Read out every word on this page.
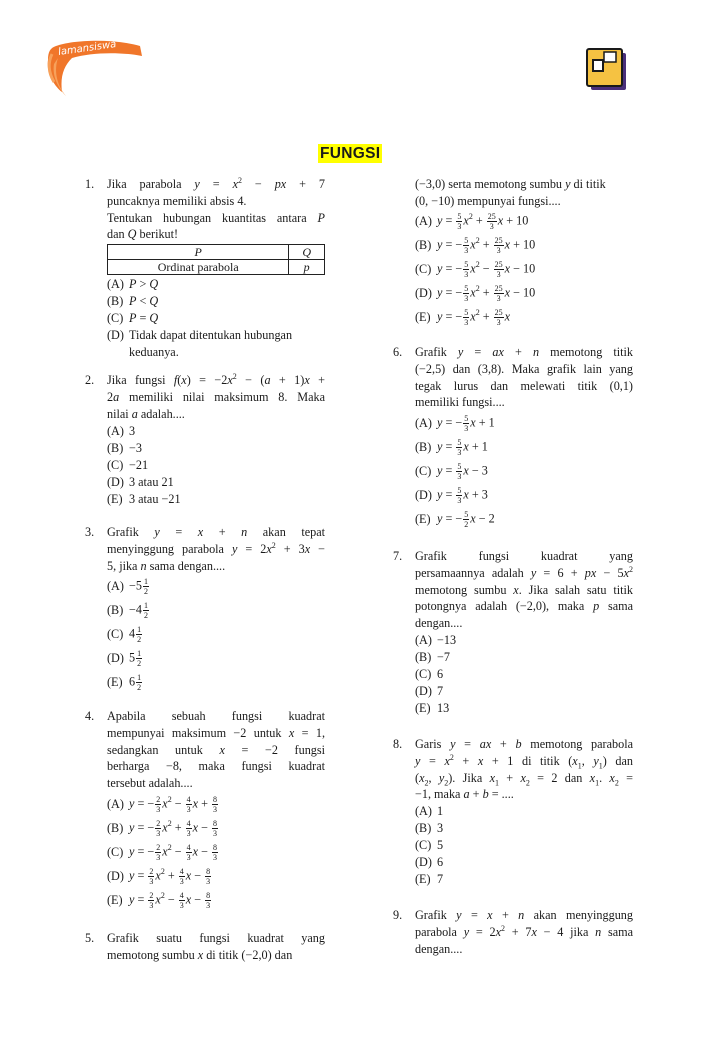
lamansiswa
FUNGSI
1.	Jika parabola $y = x^2$ − px + 7

puncaknya memiliki absis 4.

Tentukan hubungan kuantitas antara P

dan Q berikut!

P	Q
Ordinat parabola	p
(A) P > Q
(B) P < Q
(C) P = Q
(D) Tidak dapat ditentukan hubungan
keduanya.
2.	Jika fungsi $f(x) = -2x^2 - (a + 1)x$ +

2a memiliki nilai maksimum 8. Maka

nilai a adalah....

(A) 3
(B) −3
(C) −21
(D) 3 atau 21
(E) 3 atau −21
3.	Grafik y = x + n akan tepat

menyinggung parabola $y = 2x^2 + 3x$ −

5, jika n sama dengan....

$(A) -5 \frac{1}{2}$
$(B) -4 \frac{1}{2}$
(C) $4 \frac{1}{2}$
(D) $5 \frac{1}{2}$
(E) $6 \frac{1}{2}$
4.	Apabila sebuah fungsi kuadrat

mempunyai maksimum −2 untuk x = 1,

sedangkan untuk x = −2 fungsi

berharga −8, maka fungsi kuadrat

tersebut adalah....

(A) y = − $\frac{2}{3} x^2 - \frac{4}{3}$ $x + \frac{8}{3}$
(B) y = − $\frac{2}{3} x^2 + \frac{4}{3}$ $x - \frac{8}{3}$
(C) y = − $\frac{2}{3} x^2 - \frac{4}{3}$ $x - \frac{8}{3}$
(D) $y = \frac{2}{3} x^2 + \frac{4}{3}$ $x - \frac{8}{3}$
(E) $y = \frac{2}{3} x^2 - \frac{4}{3}$ $x - \frac{8}{3}$
5.	Grafik suatu fungsi kuadrat yang

memotong sumbu x di titik (−2,0) dan

(−3,0) serta memotong sumbu y di titik

(0, −10) mempunyai fungsi....

(A) $y = \frac{5}{3} x^2 + \frac{25}{3}$ x + 10
(B) y = − $\frac{5}{3} x^2 + \frac{25}{3}$ x + 10
(C) y = − $\frac{5}{3} x^2 - \frac{25}{3}$ x − 10
(D) y = − $\frac{5}{3} x^2 + \frac{25}{3}$ x − 10
(E) y = − $\frac{5}{3} x^2 + \frac{25}{3}$ x
6.	Grafik y = ax + n memotong titik

(−2,5) dan (3,8). Maka grafik lain yang

tegak lurus dan melewati titik (0,1)

memiliki fungsi....

(A) y = − $\frac{5}{3}$ x + 1
(B) $y = \frac{5}{3}$ x + 1
(C) $y = \frac{5}{3}$ x − 3
(D) $y = \frac{5}{3}$ x + 3
(E) y = − $\frac{5}{2}$ x − 2
7.	Grafik fungsi kuadrat yang

persamaannya adalah y = 6 + px − $5x^2$

memotong sumbu x. Jika salah satu titik

potongnya adalah (−2,0), maka p sama

dengan....

(A) −13
(B) −7
(C) 6
(D) 7
(E) 13
8.	Garis y = ax + b memotong parabola

$y = x^2 + x + 1$ di titik ($x_1$, $y_1$) dan

($x_2$, $y_2$). Jika $x_1 + x_2 = 2$ dan $x_1$. $x_2$ =

−1, maka a + b = ....

(A) 1
(B) 3
(C) 5
(D) 6
(E) 7
9.	Grafik y = x + n akan menyinggung

parabola $y = 2x^2 + 7x - 4$ jika n sama

dengan....
